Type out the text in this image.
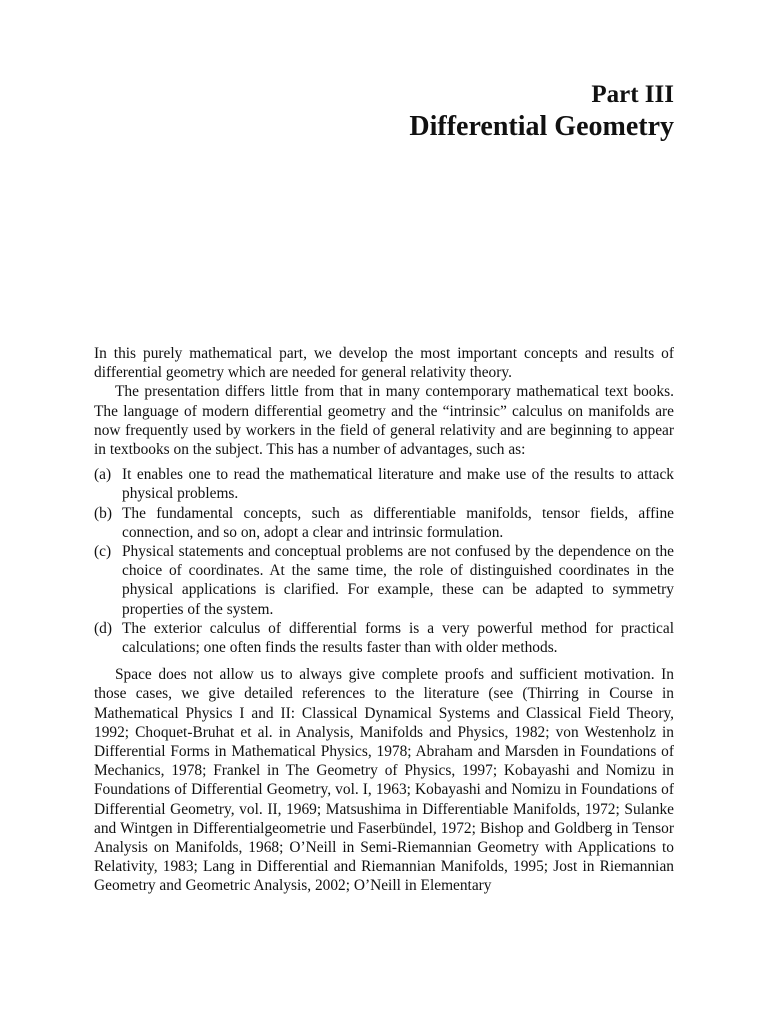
Part III
Differential Geometry

In this purely mathematical part, we develop the most important concepts and results of differential geometry which are needed for general relativity theory.

The presentation differs little from that in many contemporary mathematical text books. The language of modern differential geometry and the “intrinsic” calculus on manifolds are now frequently used by workers in the field of general relativity and are beginning to appear in textbooks on the subject. This has a number of advantages, such as:

(a) It enables one to read the mathematical literature and make use of the results to attack physical problems.
(b) The fundamental concepts, such as differentiable manifolds, tensor fields, affine connection, and so on, adopt a clear and intrinsic formulation.
(c) Physical statements and conceptual problems are not confused by the dependence on the choice of coordinates. At the same time, the role of distinguished coordinates in the physical applications is clarified. For example, these can be adapted to symmetry properties of the system.
(d) The exterior calculus of differential forms is a very powerful method for practical calculations; one often finds the results faster than with older methods.

Space does not allow us to always give complete proofs and sufficient motivation. In those cases, we give detailed references to the literature (see (Thirring in Course in Mathematical Physics I and II: Classical Dynamical Systems and Classical Field Theory, 1992; Choquet-Bruhat et al. in Analysis, Manifolds and Physics, 1982; von Westenholz in Differential Forms in Mathematical Physics, 1978; Abraham and Marsden in Foundations of Mechanics, 1978; Frankel in The Geometry of Physics, 1997; Kobayashi and Nomizu in Foundations of Differential Geometry, vol. I, 1963; Kobayashi and Nomizu in Foundations of Differential Geometry, vol. II, 1969; Matsushima in Differentiable Manifolds, 1972; Sulanke and Wintgen in Differentialgeometrie und Faserbündel, 1972; Bishop and Goldberg in Tensor Analysis on Manifolds, 1968; O’Neill in Semi-Riemannian Geometry with Applications to Relativity, 1983; Lang in Differential and Riemannian Manifolds, 1995; Jost in Riemannian Geometry and Geometric Analysis, 2002; O’Neill in Elementary
